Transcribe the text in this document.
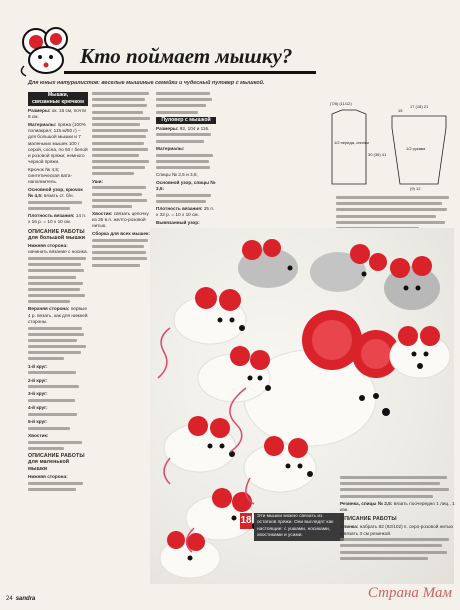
Кто поймает мышку?
Для юных натуралистов: веселые мышиные семейки и чудесный пуловер с мышкой.
Мышки,
связанные крючком

Размеры: ок. 15 см, почти 8 см.

Материалы: пряжа (100% полиакрил; 115 м/50 г) – для большой мышки и 7 маленьких мышек 100 г серой, сосна, по 50 г белой и розовой пряжи; немного черной пряжи.

Крючок № 4,5; синтетическая вата-наполнитель.

Основной узор, крючок № 4,5: вязать ст. б/н.

Плотность вязания: 14 п. х 16 р. = 10 х 10 см.

ОПИСАНИЕ РАБОТЫ для большой мышки

Нижняя сторона: начинать вязание с носика.

Верхняя сторона: первые 4 р. вязать, как для нижней стороны.

1-й круг:

2-й круг:

3-й круг:

4-й круг:

5-й круг:

Хвостик:

ОПИСАНИЕ РАБОТЫ для маленькой мышки

Нижняя сторона:

Уши:

Хвостик: связать цепочку из 25 в.п. желто-розовой нитью.

Сборка для всех мышек:

Пуловер с мышкой

Размеры: 92, 104 и 116.

Материалы:

Спицы № 2,5 и 3,5;

Основной узор, спицы № 3,5:

Плотность вязания: 25 п. x 32 р. = 10 х 10 см.

Вывязанный узор:

(7/8) (11/12)
1/2 переда, спинки
1/2 рукава
15
30 (36) 41
17 (18) 21
(9) 12
18	Эти мышки можно связать из остатков пряжи. Они выглядят как настоящие: с ушками, носиками, хвостиками и усами.

Резинка, спицы № 2,5: вязать поочередно 1 лиц., 1 изн.

ОПИСАНИЕ РАБОТЫ

Спинка: набрать 82 (92/102) п. серо-розовой нитью и вязать 3 см резинкой.

24 sandra	Страна Мам
